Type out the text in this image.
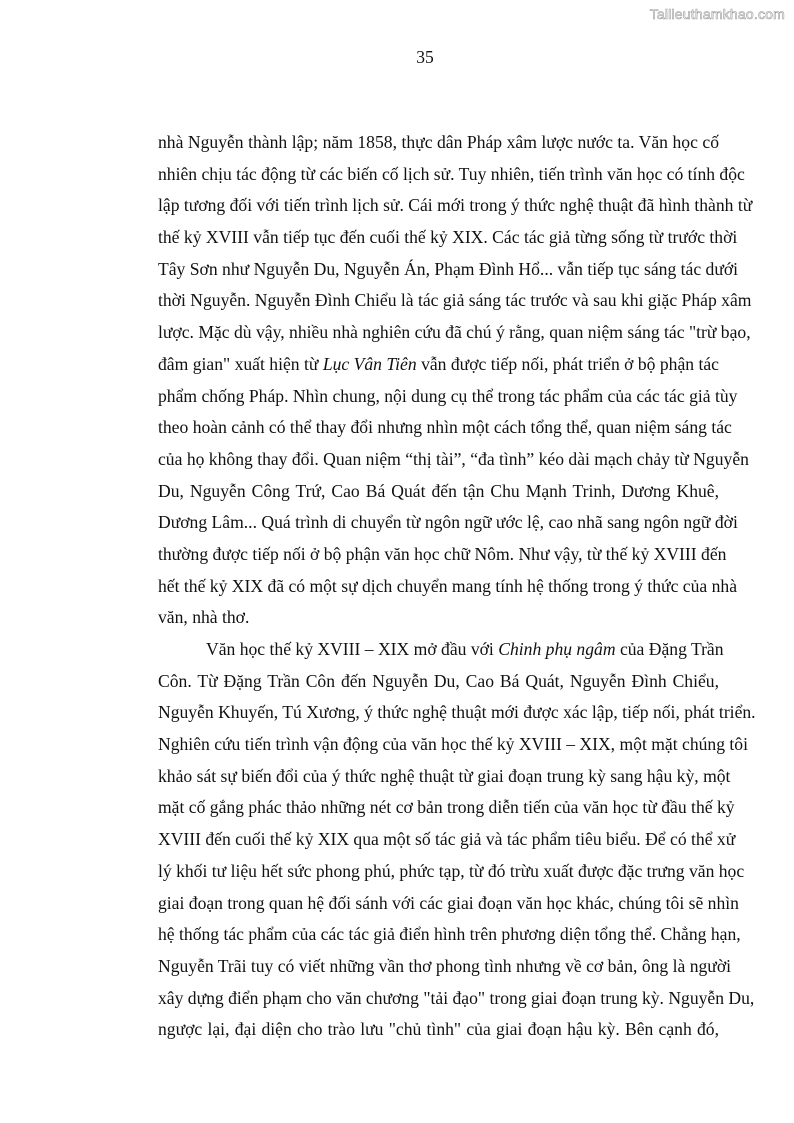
Tailieuthamkhao.com
35
nhà Nguyễn thành lập; năm 1858, thực dân Pháp xâm lược nước ta. Văn học cố
nhiên chịu tác động từ các biến cố lịch sử. Tuy nhiên, tiến trình văn học có tính độc
lập tương đối với tiến trình lịch sử. Cái mới trong ý thức nghệ thuật đã hình thành từ
thế kỷ XVIII vẫn tiếp tục đến cuối thế kỷ XIX. Các tác giả từng sống từ trước thời
Tây Sơn như Nguyễn Du, Nguyễn Án, Phạm Đình Hổ... vẫn tiếp tục sáng tác dưới
thời Nguyễn. Nguyễn Đình Chiểu là tác giả sáng tác trước và sau khi giặc Pháp xâm
lược. Mặc dù vậy, nhiều nhà nghiên cứu đã chú ý rằng, quan niệm sáng tác "trừ bạo,
đâm gian" xuất hiện từ Lục Vân Tiên vẫn được tiếp nối, phát triển ở bộ phận tác
phẩm chống Pháp. Nhìn chung, nội dung cụ thể trong tác phẩm của các tác giả tùy
theo hoàn cảnh có thể thay đổi nhưng nhìn một cách tổng thể, quan niệm sáng tác
của họ không thay đổi. Quan niệm “thị tài”, “đa tình” kéo dài mạch chảy từ Nguyễn
Du, Nguyễn Công Trứ, Cao Bá Quát đến tận Chu Mạnh Trinh, Dương Khuê,
Dương Lâm... Quá trình di chuyển từ ngôn ngữ ước lệ, cao nhã sang ngôn ngữ đời
thường được tiếp nối ở bộ phận văn học chữ Nôm. Như vậy, từ thế kỷ XVIII đến
hết thế kỷ XIX đã có một sự dịch chuyển mang tính hệ thống trong ý thức của nhà
văn, nhà thơ.
Văn học thế kỷ XVIII – XIX mở đầu với Chinh phụ ngâm của Đặng Trần
Côn. Từ Đặng Trần Côn đến Nguyễn Du, Cao Bá Quát, Nguyễn Đình Chiểu,
Nguyễn Khuyến, Tú Xương, ý thức nghệ thuật mới được xác lập, tiếp nối, phát triển.
Nghiên cứu tiến trình vận động của văn học thế kỷ XVIII – XIX, một mặt chúng tôi
khảo sát sự biến đổi của ý thức nghệ thuật từ giai đoạn trung kỳ sang hậu kỳ, một
mặt cố gắng phác thảo những nét cơ bản trong diễn tiến của văn học từ đầu thế kỷ
XVIII đến cuối thế kỷ XIX qua một số tác giả và tác phẩm tiêu biểu. Để có thể xử
lý khối tư liệu hết sức phong phú, phức tạp, từ đó trừu xuất được đặc trưng văn học
giai đoạn trong quan hệ đối sánh với các giai đoạn văn học khác, chúng tôi sẽ nhìn
hệ thống tác phẩm của các tác giả điển hình trên phương diện tổng thể. Chẳng hạn,
Nguyễn Trãi tuy có viết những vần thơ phong tình nhưng về cơ bản, ông là người
xây dựng điển phạm cho văn chương "tải đạo" trong giai đoạn trung kỳ. Nguyễn Du,
ngược lại, đại diện cho trào lưu "chủ tình" của giai đoạn hậu kỳ. Bên cạnh đó,
